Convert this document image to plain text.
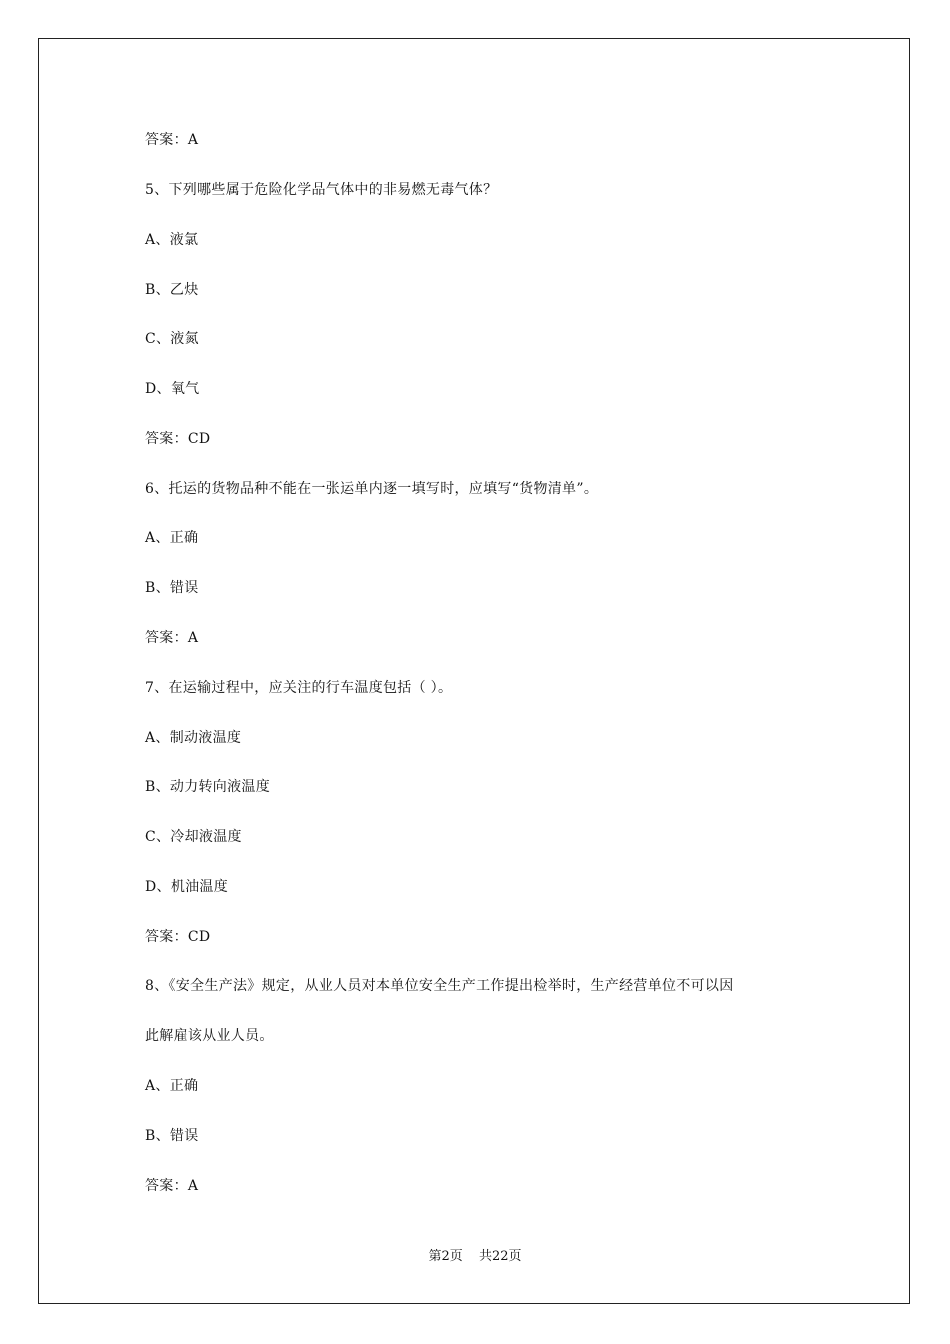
答案：A
5、下列哪些属于危险化学品气体中的非易燃无毒气体？
A、液氯
B、乙炔
C、液氮
D、氧气
答案：CD
6、托运的货物品种不能在一张运单内逐一填写时，应填写“货物清单”。
A、正确
B、错误
答案：A
7、在运输过程中，应关注的行车温度包括（ ）。
A、制动液温度
B、动力转向液温度
C、冷却液温度
D、机油温度
答案：CD
8、《安全生产法》规定，从业人员对本单位安全生产工作提出检举时，生产经营单位不可以因
此解雇该从业人员。
A、正确
B、错误
答案：A
第2页 共22页
